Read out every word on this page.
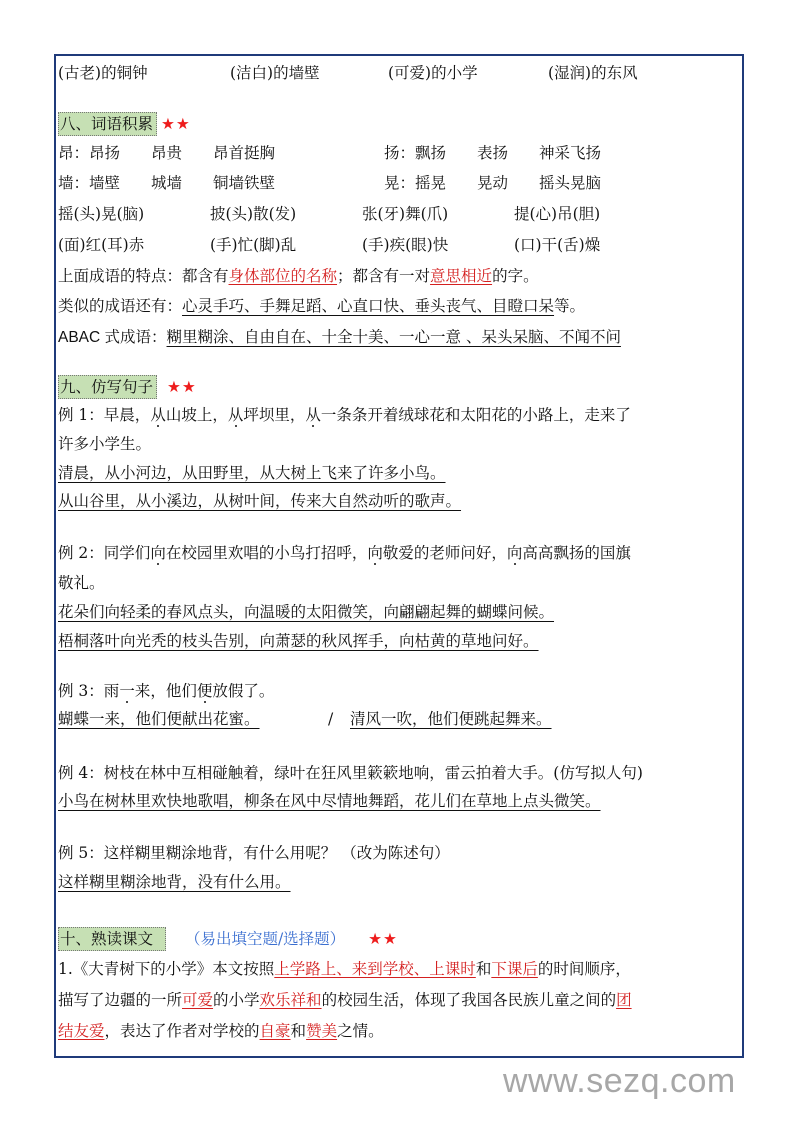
(古老)的铜钟	(洁白)的墙壁	(可爱)的小学	(湿润)的东风
八、词语积累 ★★
昂：昂扬　　昂贵　　昂首挺胸	扬：飘扬　　表扬　　神采飞扬
墙：墙壁　　城墙　　铜墙铁壁	晃：摇晃　　晃动　　摇头晃脑
摇(头)晃(脑)	披(头)散(发)	张(牙)舞(爪)	提(心)吊(胆)
(面)红(耳)赤	(手)忙(脚)乱	(手)疾(眼)快	(口)干(舌)燥
上面成语的特点：都含有身体部位的名称；都含有一对意思相近的字。
类似的成语还有：心灵手巧、手舞足蹈、心直口快、垂头丧气、目瞪口呆等。
ABAC 式成语：糊里糊涂、自由自在、十全十美、一心一意 、呆头呆脑、不闻不问
九、仿写句子 ★★
例 1：早晨，从山坡上，从坪坝里，从一条条开着绒球花和太阳花的小路上，走来了
许多小学生。
清晨，从小河边，从田野里，从大树上飞来了许多小鸟。
从山谷里，从小溪边，从树叶间，传来大自然动听的歌声。
例 2：同学们向在校园里欢唱的小鸟打招呼，向敬爱的老师问好，向高高飘扬的国旗
敬礼。
花朵们向轻柔的春风点头，向温暖的太阳微笑，向翩翩起舞的蝴蝶问候。
梧桐落叶向光秃的枝头告别，向萧瑟的秋风挥手，向枯黄的草地问好。
例 3：雨一来，他们便放假了。
蝴蝶一来，他们便献出花蜜。	/ 清风一吹，他们便跳起舞来。
例 4：树枝在林中互相碰触着，绿叶在狂风里簌簌地响，雷云拍着大手。(仿写拟人句)
小鸟在树林里欢快地歌唱，柳条在风中尽情地舞蹈，花儿们在草地上点头微笑。
例 5：这样糊里糊涂地背，有什么用呢？ （改为陈述句）
这样糊里糊涂地背，没有什么用。
十、熟读课文 （易出填空题/选择题） ★★
1.《大青树下的小学》本文按照上学路上、来到学校、上课时和下课后的时间顺序，
描写了边疆的一所可爱的小学欢乐祥和的校园生活，体现了我国各民族儿童之间的团
结友爱，表达了作者对学校的自豪和赞美之情。
www.sezq.com
